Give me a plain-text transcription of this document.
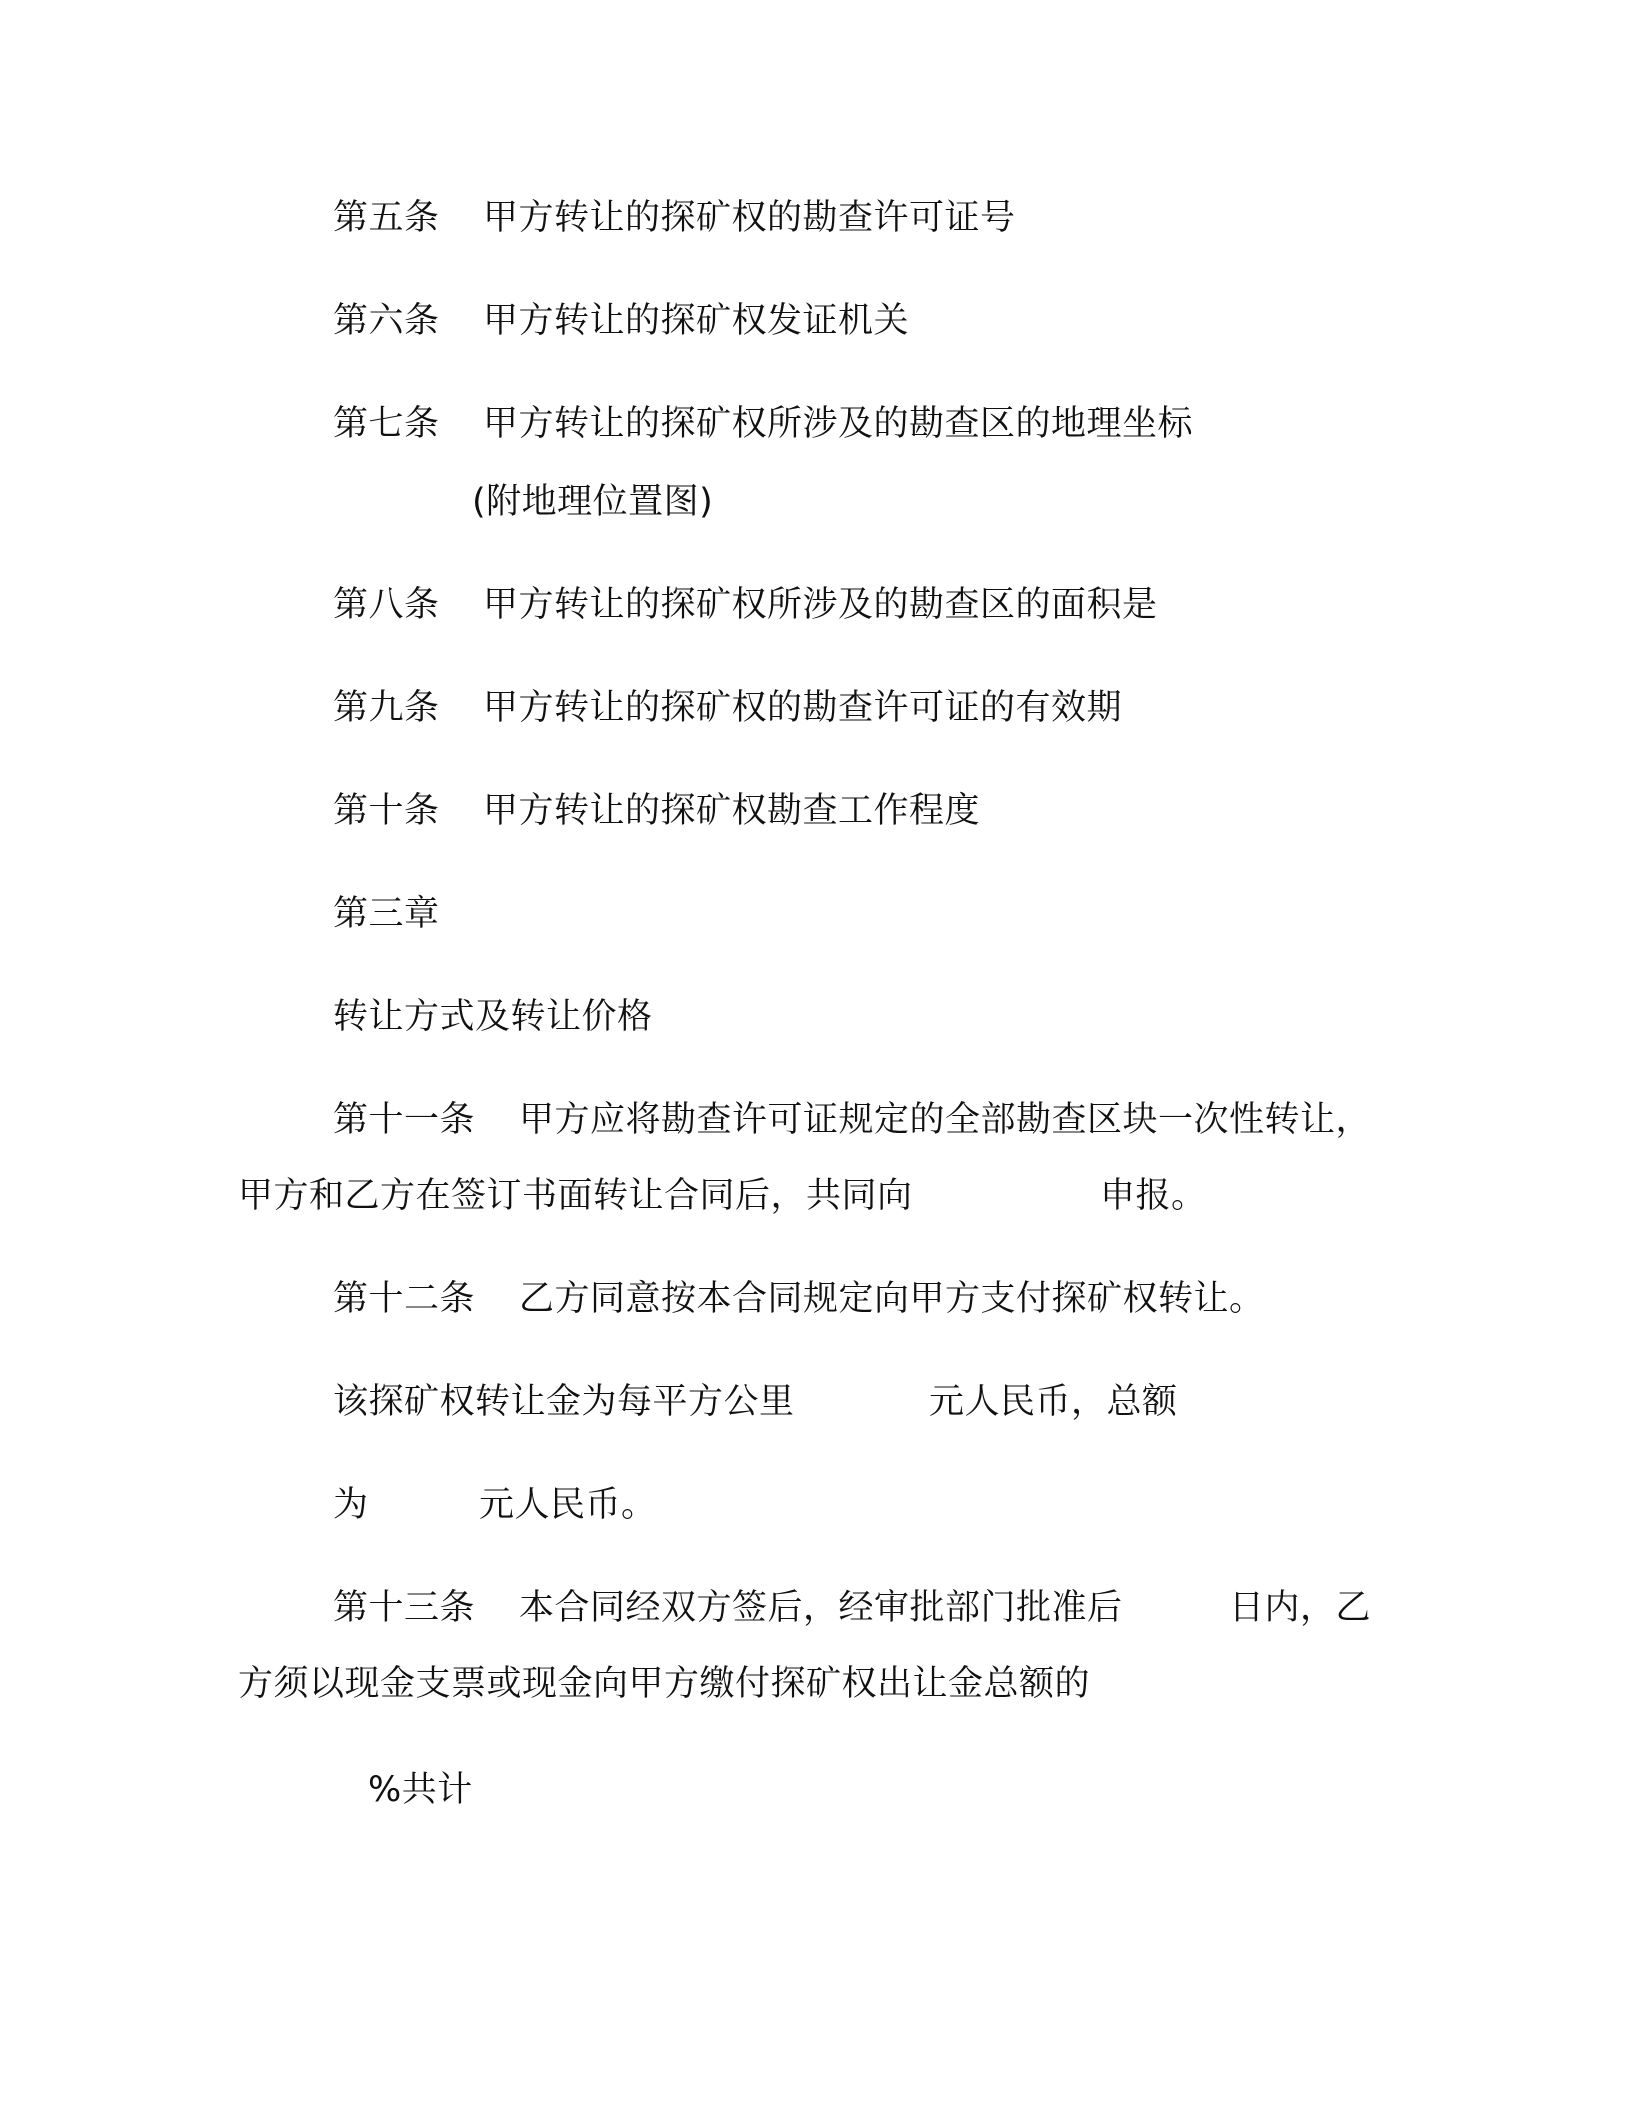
第五条 甲方转让的探矿权的勘查许可证号
第六条 甲方转让的探矿权发证机关
第七条 甲方转让的探矿权所涉及的勘查区的地理坐标
(附地理位置图)
第八条 甲方转让的探矿权所涉及的勘查区的面积是
第九条 甲方转让的探矿权的勘查许可证的有效期
第十条 甲方转让的探矿权勘查工作程度
第三章
转让方式及转让价格
第十一条 甲方应将勘查许可证规定的全部勘查区块一次性转让，
甲方和乙方在签订书面转让合同后，共同向	申报。
第十二条 乙方同意按本合同规定向甲方支付探矿权转让。
该探矿权转让金为每平方公里	元人民币，总额
为	元人民币。
第十三条 本合同经双方签后，经审批部门批准后	日内，乙
方须以现金支票或现金向甲方缴付探矿权出让金总额的
%共计
